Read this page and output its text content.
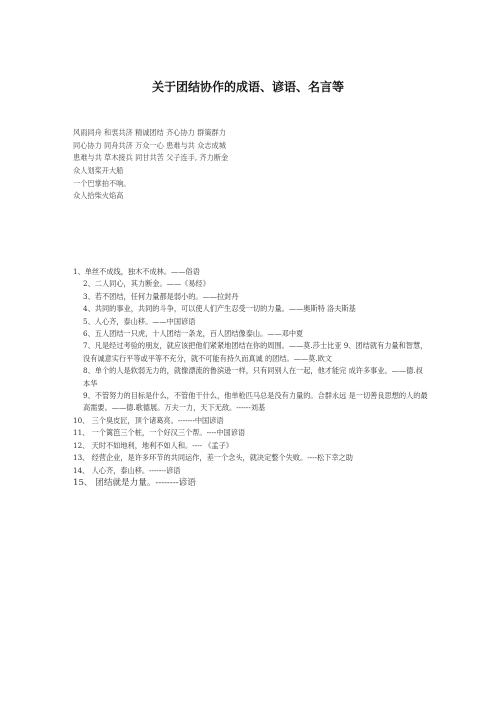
关于团结协作的成语、谚语、名言等
风雨同舟 和衷共济 精诚团结 齐心协力 群策群力
同心协力 同舟共济 万众一心 患难与共 众志成城
患难与共 草木接兵 同甘共苦 父子连手, 齐力断金
众人划桨开大船
一个巴掌拍不响。
众人拾柴火焰高

1、单丝不成线，独木不成林。——俗语

2、二人同心，其力断金。——《易经》

3、若不团结，任何力量都是弱小的。——拉封丹

4、共同的事业，共同的斗争，可以使人们产生忍受一切的力量。——奥斯特 洛夫斯基

5、人心齐，泰山移。——中国谚语

6、五人团结一只虎，十人团结一条龙，百人团结像泰山。——邓中夏

7、凡是经过考验的朋友，就应该把他们紧紧地团结在你的周围。——莫.莎士比亚 9、团结就有力量和智慧，没有诚意实行平等或平等不充分，就不可能有持久而真诚 的团结。——莫.欧文

8、单个的人是软弱无力的，就像漂流的鲁滨逊一样，只有同别人在一起，他才能完 成许多事业。——德.叔本华

9、不管努力的目标是什么，不管他干什么，他单枪匹马总是没有力量的。合群永远 是一切善良思想的人的最高需要。——德.歌德展。万夫一力，天下无敌。------刘基

10、 三个臭皮匠，顶个诸葛亮。-------中国谚语

11、 一个篱笆三个桩，一个好汉三个帮。----中国谚语

12、 天时不如地利，地利不如人和。---- 《孟子》

13、 经营企业，是许多环节的共同运作，差一个念头，就决定整个失败。----松下幸之助

14、 人心齐，泰山移。-------谚语

15、 团结就是力量。--------谚语
